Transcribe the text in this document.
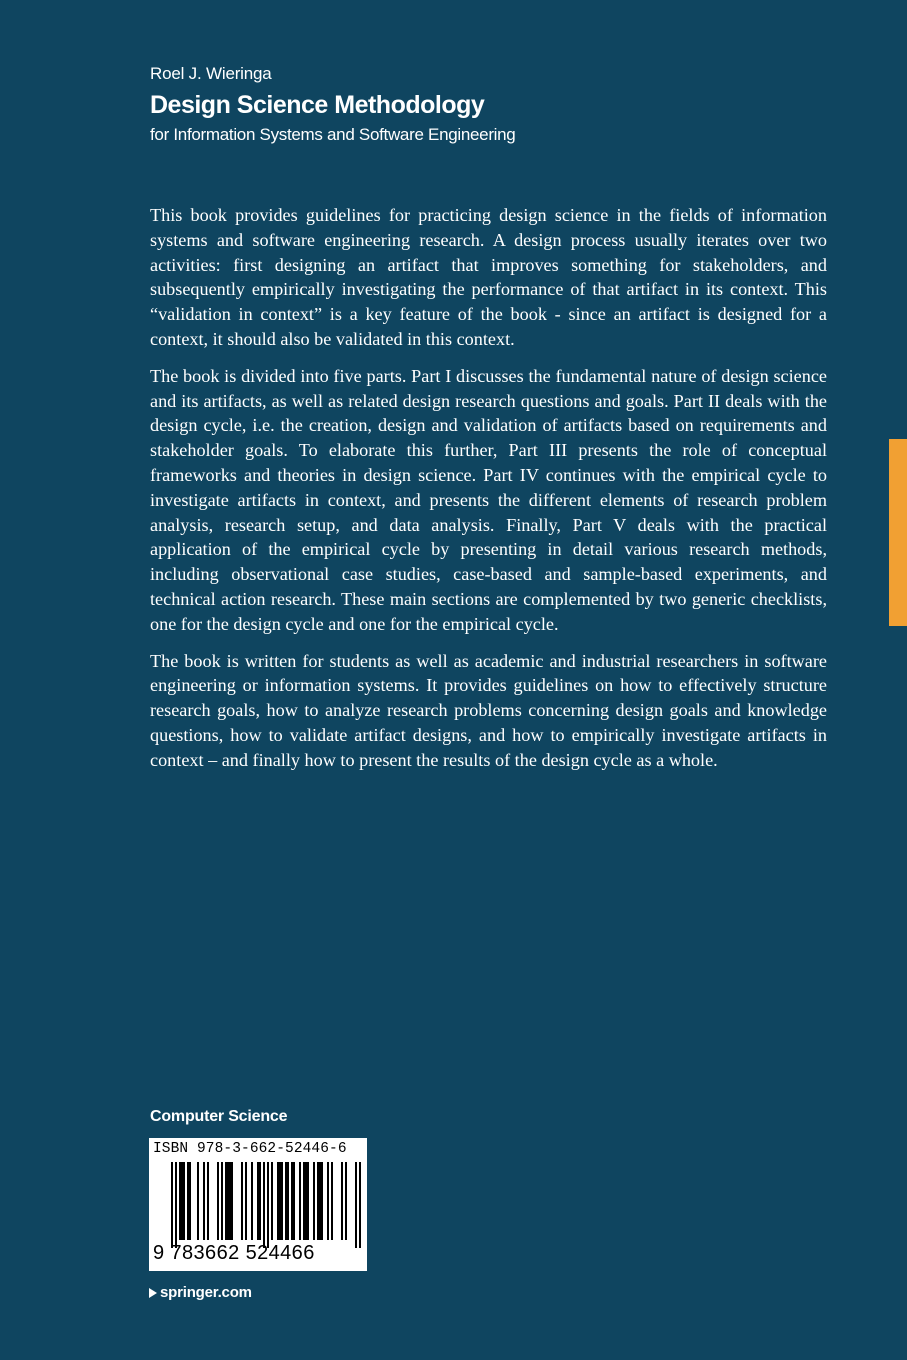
Roel J. Wieringa
Design Science Methodology
for Information Systems and Software Engineering

This book provides guidelines for practicing design science in the fields of information systems and software engineering research. A design process usually iterates over two activities: first designing an artifact that improves something for stakeholders, and subsequently empirically investigating the performance of that artifact in its context. This “validation in context” is a key feature of the book - since an artifact is designed for a context, it should also be validated in this context.

The book is divided into five parts. Part I discusses the fundamental nature of design science and its artifacts, as well as related design research questions and goals. Part II deals with the design cycle, i.e. the creation, design and validation of artifacts based on requirements and stakeholder goals. To elaborate this further, Part III presents the role of conceptual frameworks and theories in design science. Part IV continues with the empirical cycle to investigate artifacts in context, and presents the different elements of research problem analysis, research setup, and data analysis. Finally, Part V deals with the practical application of the empirical cycle by presenting in detail various research methods, including observational case studies, case-based and sample-based experiments, and technical action research. These main sections are complemented by two generic checklists, one for the design cycle and one for the empirical cycle.

The book is written for students as well as academic and industrial researchers in software engineering or information systems. It provides guidelines on how to effectively structure research goals, how to analyze research problems concerning design goals and knowledge questions, how to validate artifact designs, and how to empirically investigate artifacts in context – and finally how to present the results of the design cycle as a whole.

Computer Science
ISBN 978-3-662-52446-6
9 783662 524466
springer.com
